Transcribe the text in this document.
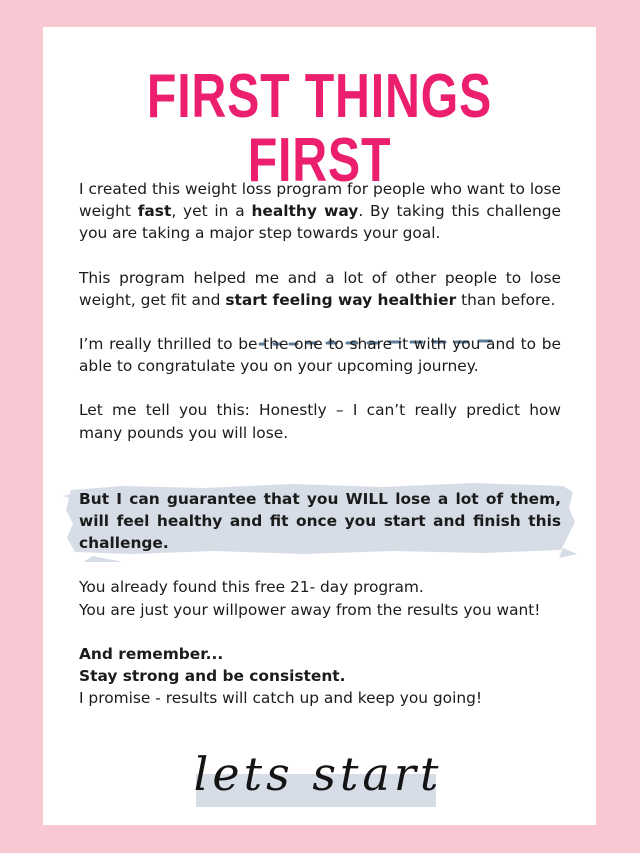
FIRST THINGS FIRST

I created this weight loss program for people who want to lose weight fast, yet in a healthy way. By taking this challenge you are taking a major step towards your goal.

This program helped me and a lot of other people to lose weight, get fit and start feeling way healthier than before.

I’m really thrilled to be the one to share it with you and to be able to congratulate you on your upcoming journey.

Let me tell you this: Honestly – I can’t really predict how many pounds you will lose.

But I can guarantee that you WILL lose a lot of them, will feel healthy and fit once you start and finish this challenge.

You already found this free 21- day program.
You are just your willpower away from the results you want!

And remember...
Stay strong and be consistent.
I promise - results will catch up and keep you going!

lets start
